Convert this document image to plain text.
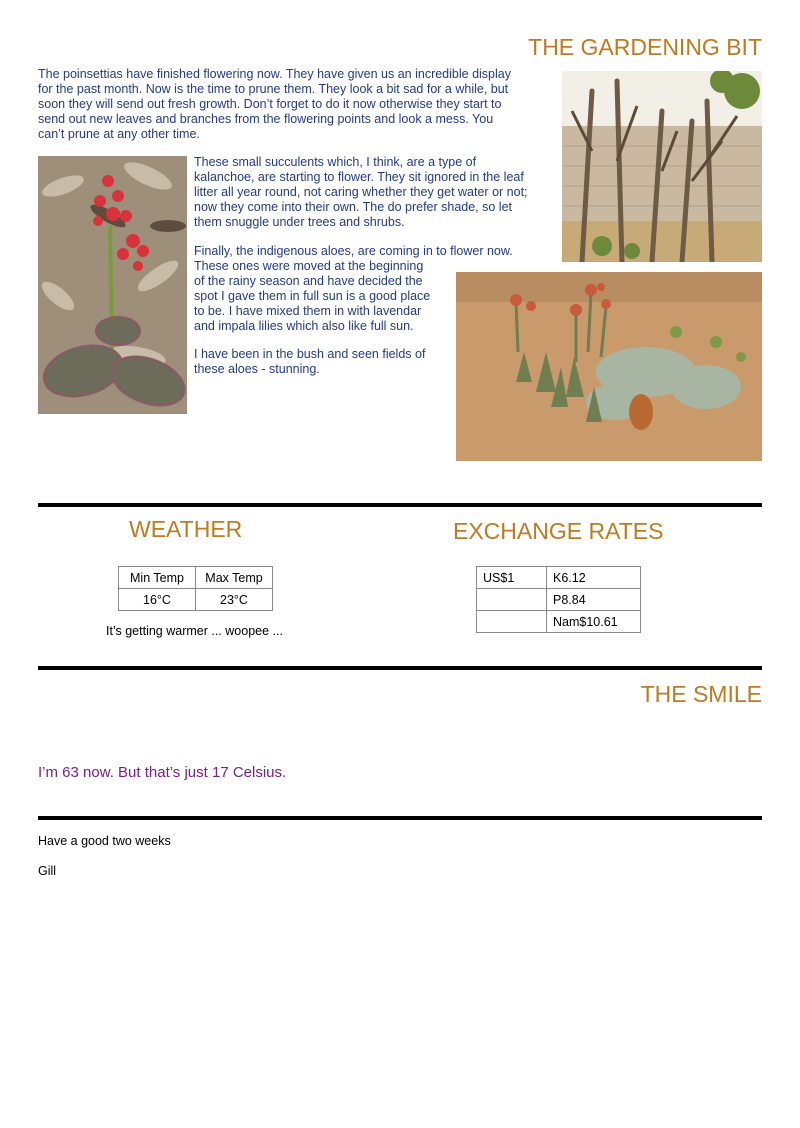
THE GARDENING BIT
The poinsettias have finished flowering now. They have given us an incredible display
for the past month. Now is the time to prune them. They look a bit sad for a while, but
soon they will send out fresh growth. Don’t forget to do it now otherwise they start to
send out new leaves and branches from the flowering points and look a mess. You
can’t prune at any other time.
These small succulents which, I think, are a type of
kalanchoe, are starting to flower. They sit ignored in the leaf
litter all year round, not caring whether they get water or not;
now they come into their own. The do prefer shade, so let
them snuggle under trees and shrubs.
Finally, the indigenous aloes, are coming in to flower now.
These ones were moved at the beginning
of the rainy season and have decided the
spot I gave them in full sun is a good place
to be. I have mixed them in with lavendar
and impala lilies which also like full sun.
I have been in the bush and seen fields of
these aloes - stunning.
WEATHER
Min Temp	Max Temp
16°C	23°C
It’s getting warmer ... woopee ...
EXCHANGE RATES
US$1	K6.12
	P8.84
	Nam$10.61
THE SMILE
I’m 63 now. But that’s just 17 Celsius.
Have a good two weeks
Gill
